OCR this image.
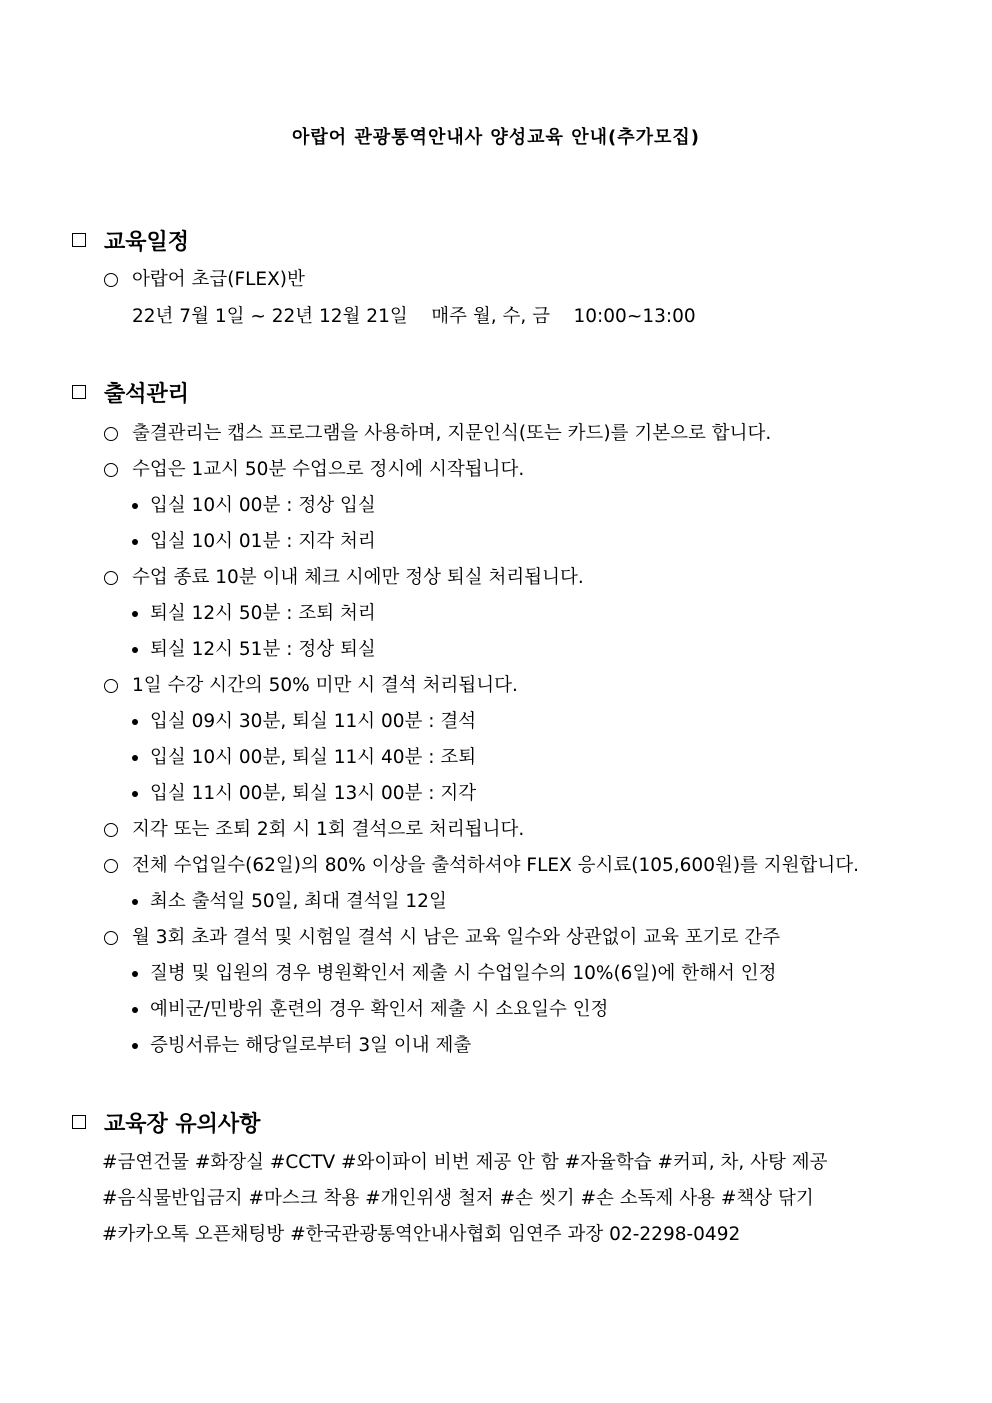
아랍어 관광통역안내사 양성교육 안내(추가모집)
교육일정
아랍어 초급(FLEX)반
22년 7월 1일 ~ 22년 12월 21일    매주 월, 수, 금    10:00~13:00
출석관리
출결관리는 캡스 프로그램을 사용하며, 지문인식(또는 카드)를 기본으로 합니다.
수업은 1교시 50분 수업으로 정시에 시작됩니다.
입실 10시 00분 : 정상 입실
입실 10시 01분 : 지각 처리
수업 종료 10분 이내 체크 시에만 정상 퇴실 처리됩니다.
퇴실 12시 50분 : 조퇴 처리
퇴실 12시 51분 : 정상 퇴실
1일 수강 시간의 50% 미만 시 결석 처리됩니다.
입실 09시 30분, 퇴실 11시 00분 : 결석
입실 10시 00분, 퇴실 11시 40분 : 조퇴
입실 11시 00분, 퇴실 13시 00분 : 지각
지각 또는 조퇴 2회 시 1회 결석으로 처리됩니다.
전체 수업일수(62일)의 80% 이상을 출석하셔야 FLEX 응시료(105,600원)를 지원합니다.
최소 출석일 50일, 최대 결석일 12일
월 3회 초과 결석 및 시험일 결석 시 남은 교육 일수와 상관없이 교육 포기로 간주
질병 및 입원의 경우 병원확인서 제출 시 수업일수의 10%(6일)에 한해서 인정
예비군/민방위 훈련의 경우 확인서 제출 시 소요일수 인정
증빙서류는 해당일로부터 3일 이내 제출
교육장 유의사항
#금연건물 #화장실 #CCTV #와이파이 비번 제공 안 함 #자율학습 #커피, 차, 사탕 제공
#음식물반입금지 #마스크 착용 #개인위생 철저 #손 씻기 #손 소독제 사용 #책상 닦기
#카카오톡 오픈채팅방 #한국관광통역안내사협회 임연주 과장 02-2298-0492
